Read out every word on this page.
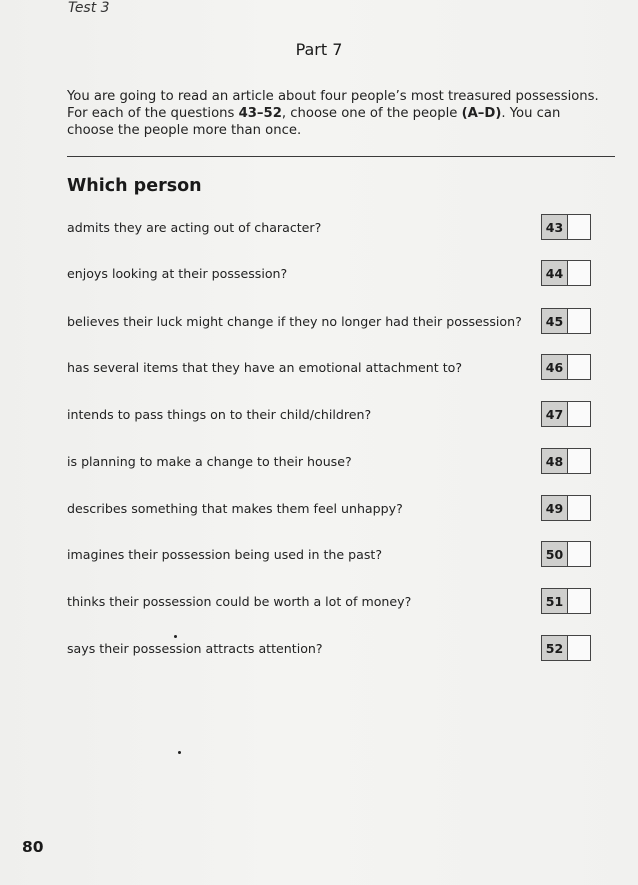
Test 3
Part 7
You are going to read an article about four people’s most treasured possessions. For each of the questions 43–52, choose one of the people (A–D). You can choose the people more than once.
Which person
admits they are acting out of character?	43
enjoys looking at their possession?	44
believes their luck might change if they no longer had their possession?	45
has several items that they have an emotional attachment to?	46
intends to pass things on to their child/children?	47
is planning to make a change to their house?	48
describes something that makes them feel unhappy?	49
imagines their possession being used in the past?	50
thinks their possession could be worth a lot of money?	51
says their possession attracts attention?	52
80
